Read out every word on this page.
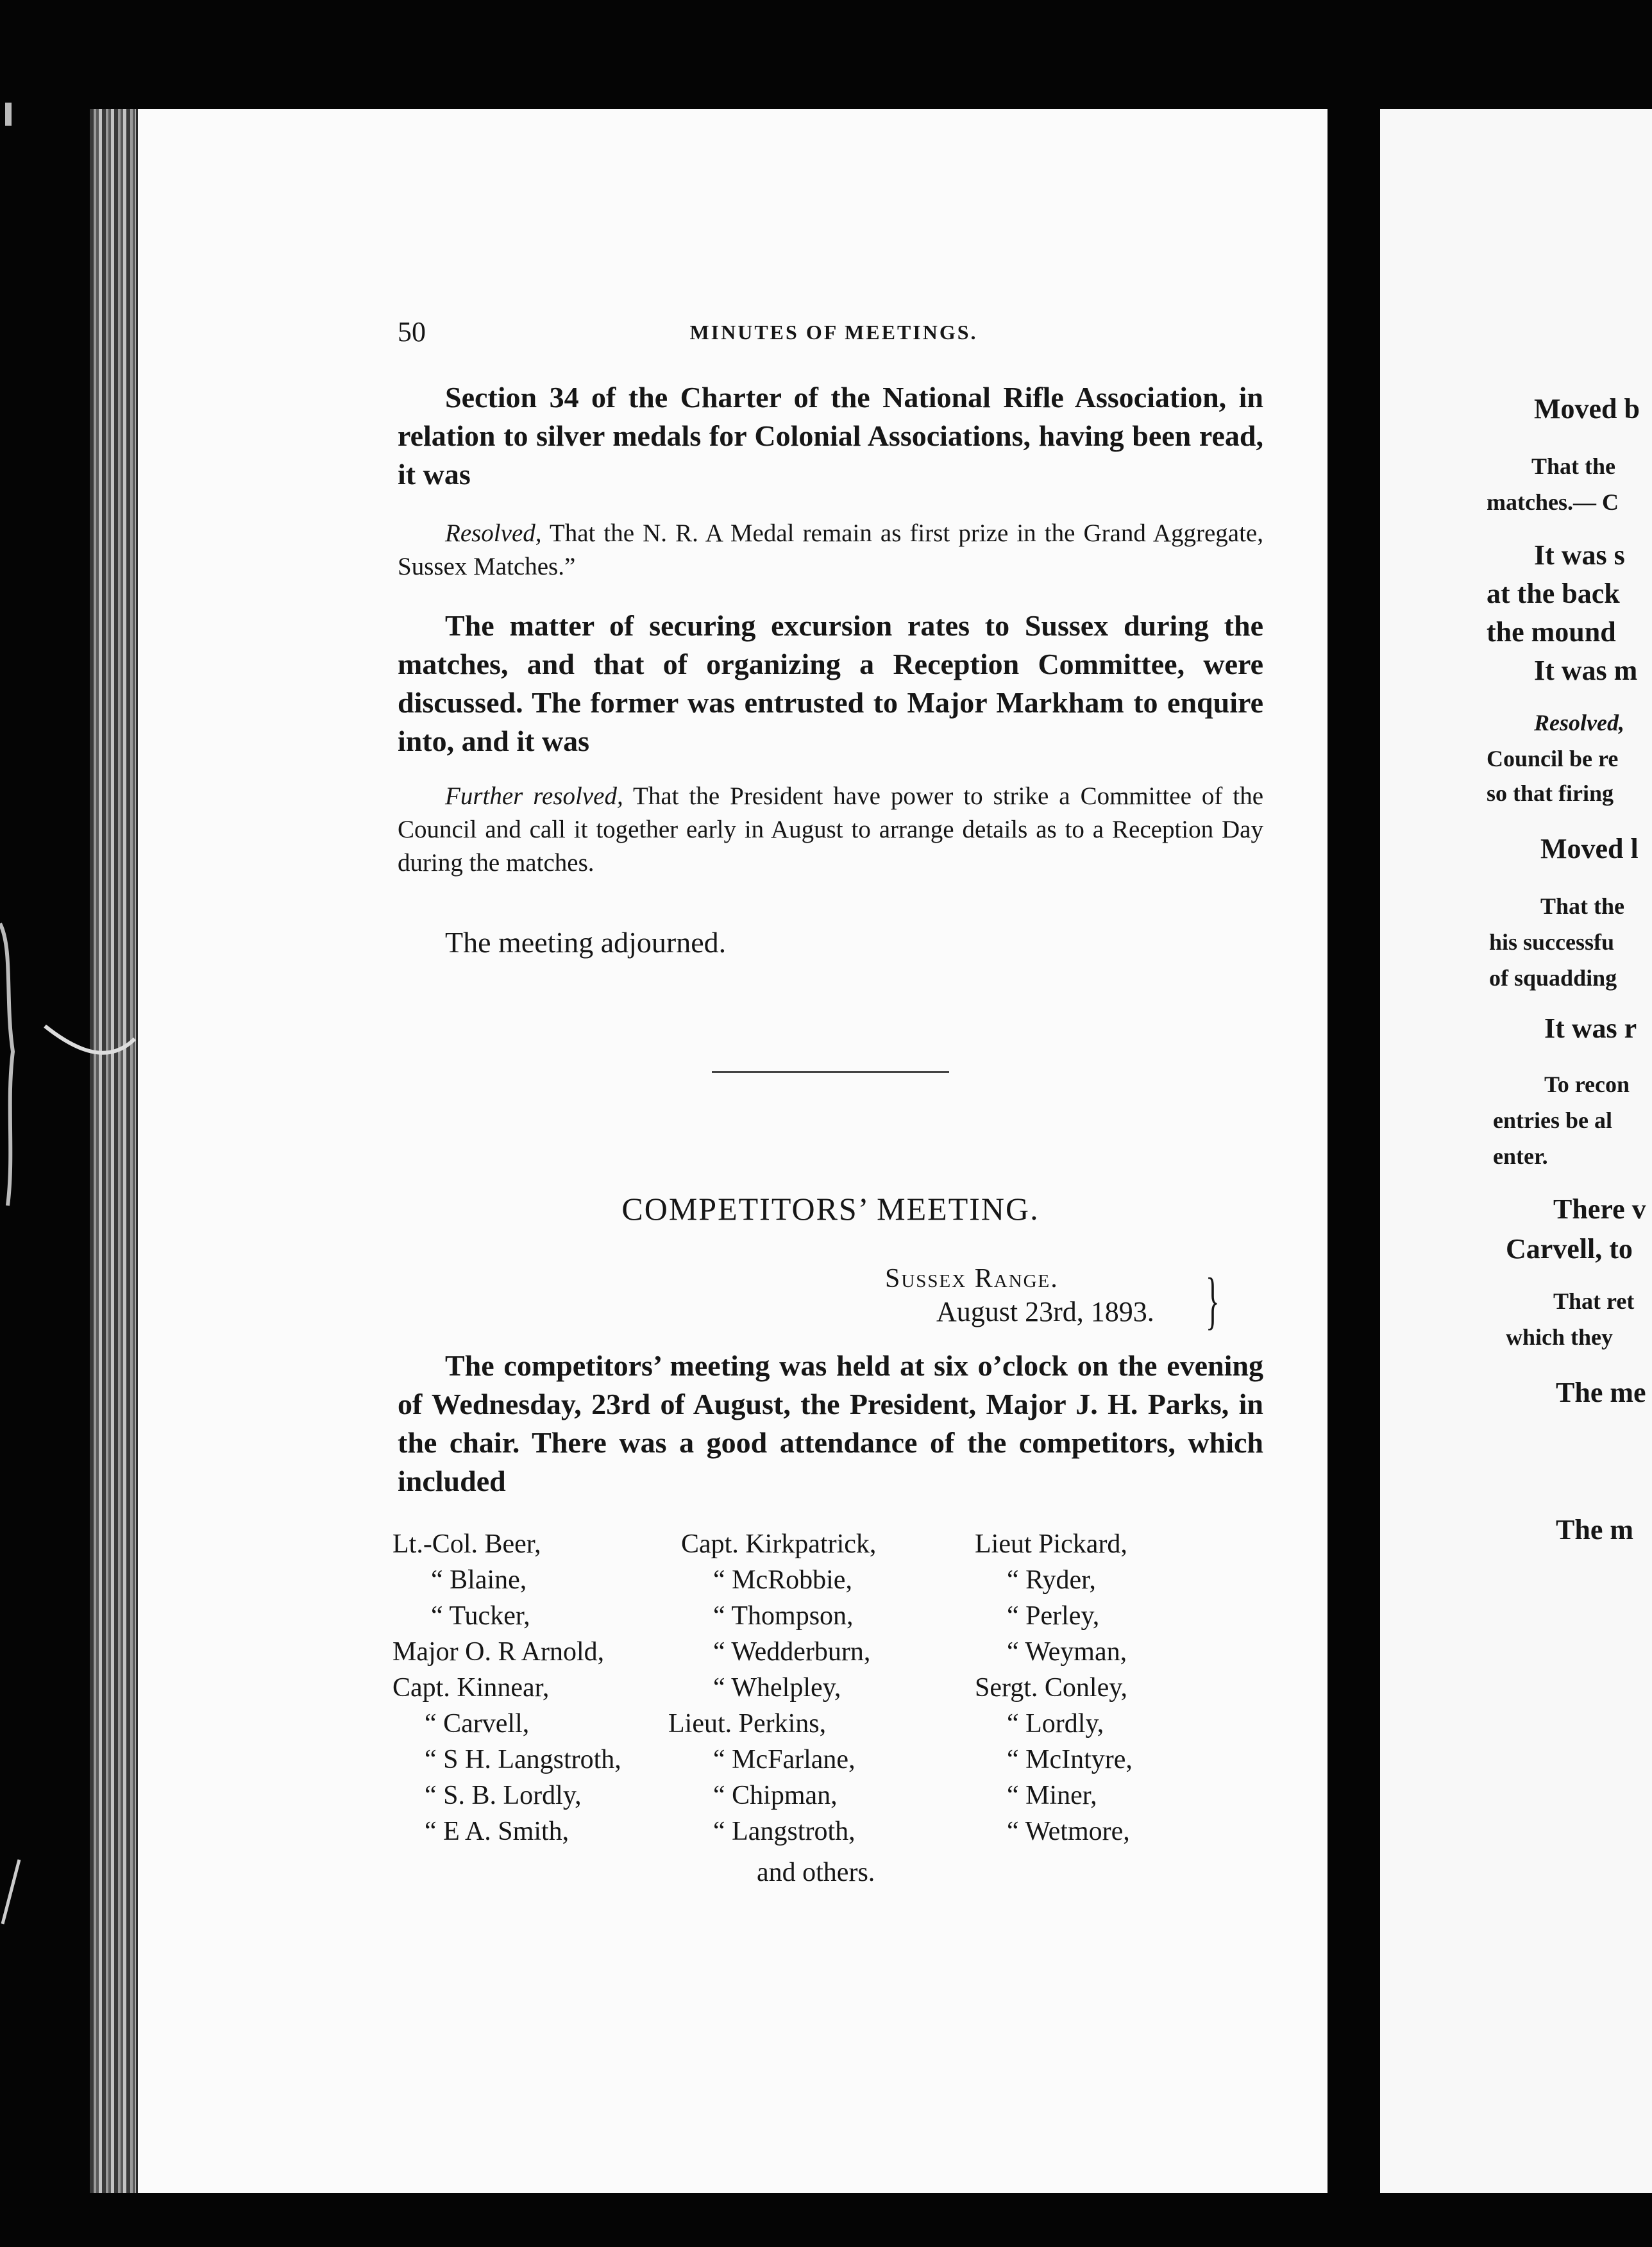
50	MINUTES OF MEETINGS.

Section 34 of the Charter of the National Rifle Association, in relation to silver medals for Colonial Associations, having been read, it was

Resolved, That the N. R. A Medal remain as first prize in the Grand Aggregate, Sussex Matches.”

The matter of securing excursion rates to Sussex during the matches, and that of organizing a Reception Committee, were discussed. The former was entrusted to Major Markham to enquire into, and it was

Further resolved, That the President have power to strike a Committee of the Council and call it together early in August to arrange details as to a Reception Day during the matches.

The meeting adjourned.

COMPETITORS’ MEETING.
Sussex Range.
August 23rd, 1893. }

The competitors’ meeting was held at six o’clock on the evening of Wednesday, 23rd of August, the President, Major J. H. Parks, in the chair. There was a good attendance of the competitors, which included

Lt.-Col. Beer,
“ Blaine,
“ Tucker,
Major O. R Arnold,
Capt. Kinnear,
“ Carvell,
“ S H. Langstroth,
“ S. B. Lordly,
“ E A. Smith,
Capt. Kirkpatrick,
“ McRobbie,
“ Thompson,
“ Wedderburn,
“ Whelpley,
Lieut. Perkins,
“ McFarlane,
“ Chipman,
“ Langstroth,
Lieut Pickard,
“ Ryder,
“ Perley,
“ Weyman,
Sergt. Conley,
“ Lordly,
“ McIntyre,
“ Miner,
“ Wetmore,
and others.
Moved b
That the
matches.— C
It was s
at the back
the mound
It was m
Resolved,
Council be re
so that firing
Moved l
That the
his successfu
of squadding
It was r
To recon
entries be al
enter.
There v
Carvell, to
That ret
which they
The me
The m
